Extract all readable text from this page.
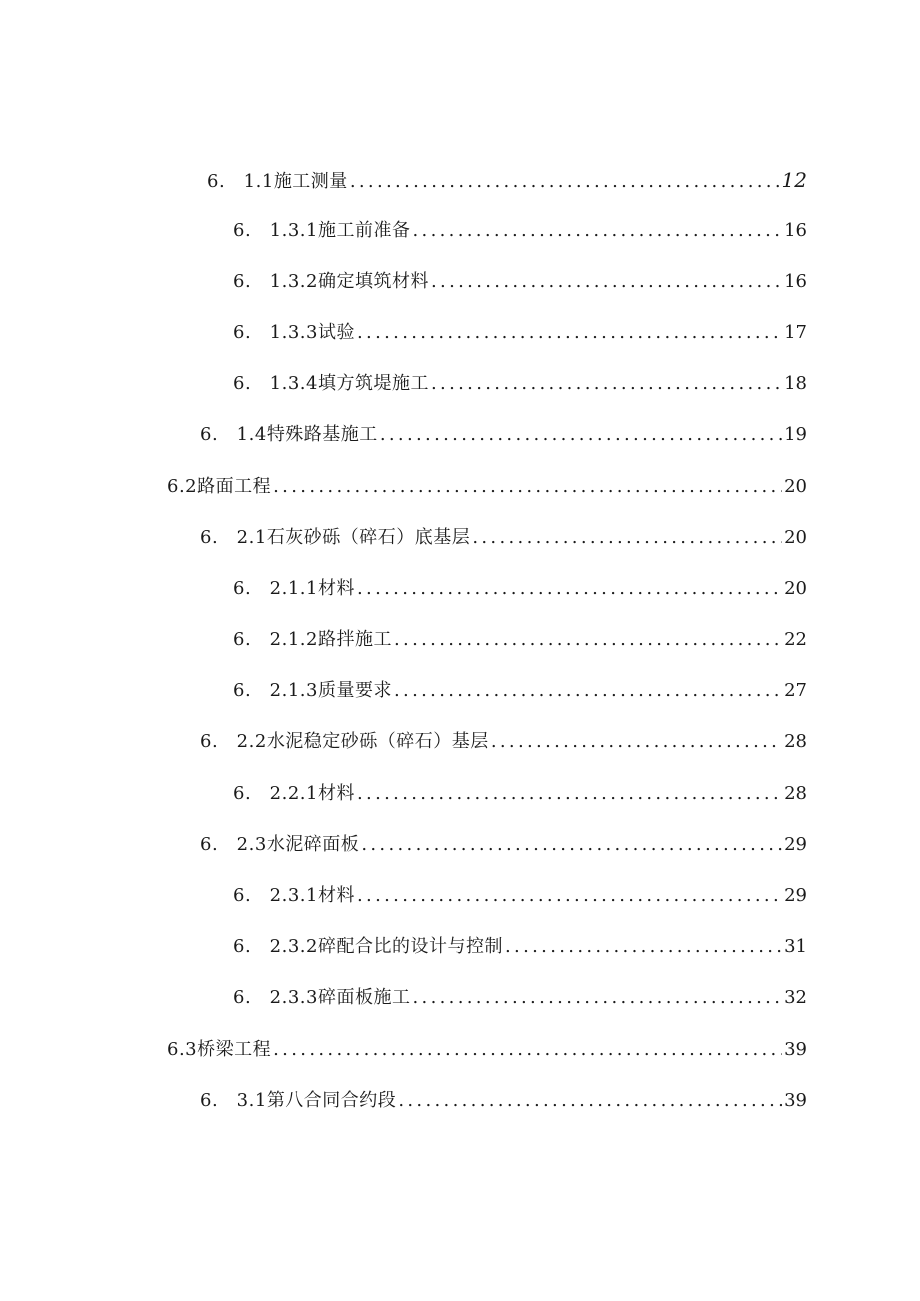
6.　1.1 施工测量 . . .	12
6.　1.3.1 施工前准备 . . .	16
6.　1.3.2 确定填筑材料 . . .	16
6.　1.3.3 试验 . . .	17
6.　1.3.4 填方筑堤施工 . . .	18
6.　1.4 特殊路基施工 . . .	19
6.2 路面工程 . . .	20
6.　2.1 石灰砂砾（碎石）底基层 . . .	20
6.　2.1.1 材料 . . .	20
6.　2.1.2 路拌施工 . . .	22
6.　2.1.3 质量要求 . . .	27
6.　2.2 水泥稳定砂砾（碎石）基层 . . .	28
6.　2.2.1 材料 . . .	28
6.　2.3 水泥碎面板 . . .	29
6.　2.3.1 材料 . . .	29
6.　2.3.2 碎配合比的设计与控制 . . .	31
6.　2.3.3 碎面板施工 . . .	32
6.3 桥梁工程 . . .	39
6.　3.1 第八合同合约段 . . .	39
